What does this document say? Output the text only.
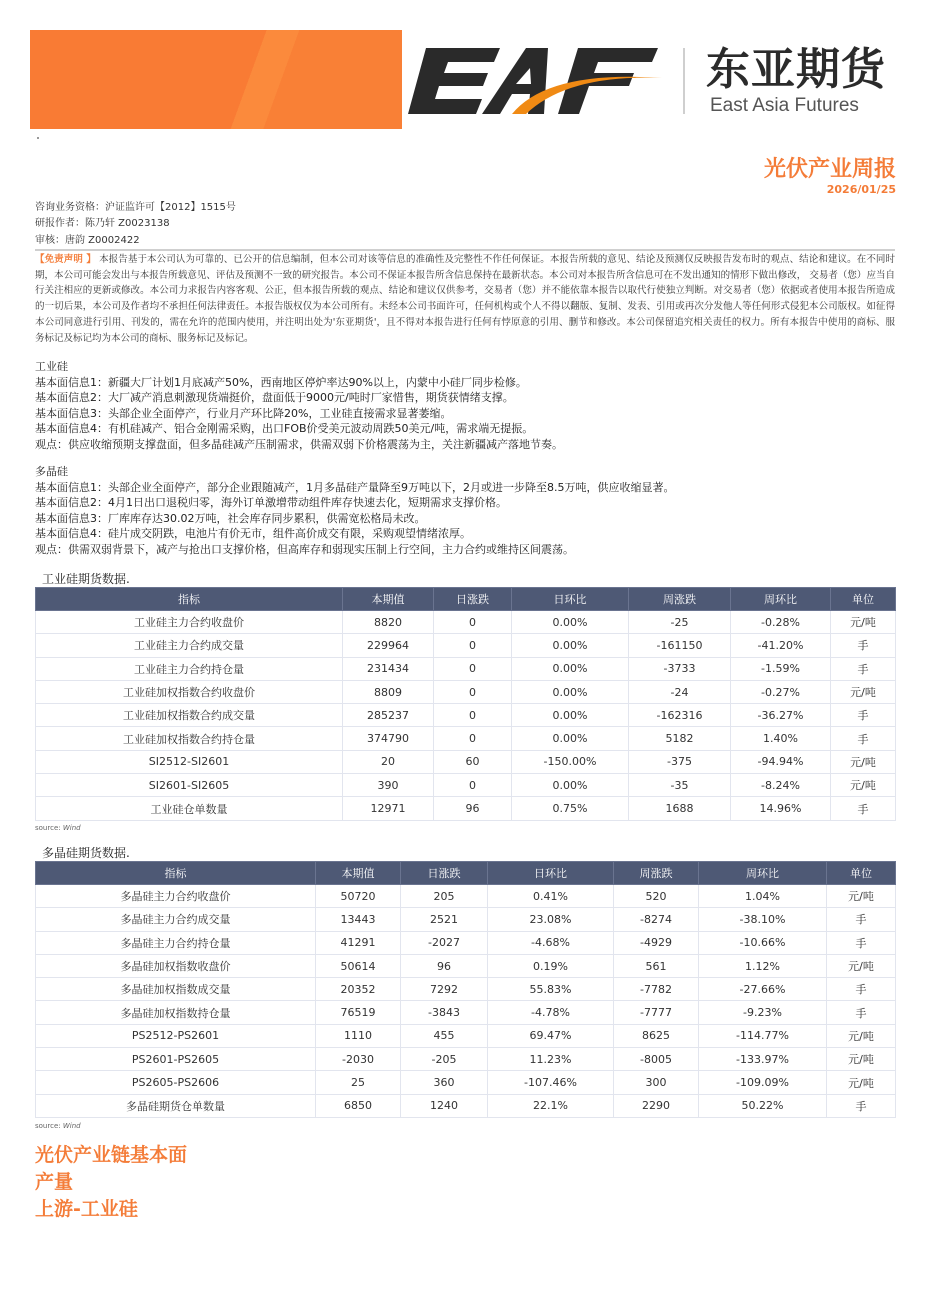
东亚期货
East Asia Futures
光伏产业周报
2026/01/25
咨询业务资格：沪证监许可【2012】1515号
研报作者：陈乃轩 Z0023138
审核：唐韵 Z0002422
【免责声明 】 本报告基于本公司认为可靠的、已公开的信息编制，但本公司对该等信息的准确性及完整性不作任何保证。本报告所载的意见、结论及预测仅反映报告发布时的观点、结论和建议。在不同时期，本公司可能会发出与本报告所载意见、评估及预测不一致的研究报告。本公司不保证本报告所含信息保持在最新状态。本公司对本报告所含信息可在不发出通知的情形下做出修改， 交易者（您）应当自行关注相应的更新或修改。本公司力求报告内容客观、公正，但本报告所载的观点、结论和建议仅供参考，交易者（您）并不能依靠本报告以取代行使独立判断。对交易者（您）依据或者使用本报告所造成的一切后果，本公司及作者均不承担任何法律责任。本报告版权仅为本公司所有。未经本公司书面许可，任何机构或个人不得以翻版、复制、发表、引用或再次分发他人等任何形式侵犯本公司版权。如征得本公司同意进行引用、刊发的，需在允许的范围内使用，并注明出处为'东亚期货'，且不得对本报告进行任何有悖原意的引用、删节和修改。本公司保留追究相关责任的权力。所有本报告中使用的商标、服务标记及标记均为本公司的商标、服务标记及标记。
工业硅
基本面信息1：新疆大厂计划1月底减产50%，西南地区停炉率达90%以上，内蒙中小硅厂同步检修。
基本面信息2：大厂减产消息刺激现货端挺价，盘面低于9000元/吨时厂家惜售，期货获情绪支撑。
基本面信息3：头部企业全面停产，行业月产环比降20%，工业硅直接需求显著萎缩。
基本面信息4：有机硅减产、铝合金刚需采购，出口FOB价受美元波动周跌50美元/吨，需求端无提振。
观点：供应收缩预期支撑盘面，但多晶硅减产压制需求，供需双弱下价格震荡为主，关注新疆减产落地节奏。
多晶硅
基本面信息1：头部企业全面停产，部分企业跟随减产，1月多晶硅产量降至9万吨以下，2月或进一步降至8.5万吨，供应收缩显著。
基本面信息2：4月1日出口退税归零，海外订单激增带动组件库存快速去化，短期需求支撑价格。
基本面信息3：厂库库存达30.02万吨，社会库存同步累积，供需宽松格局未改。
基本面信息4：硅片成交阴跌，电池片有价无市，组件高价成交有限，采购观望情绪浓厚。
观点：供需双弱背景下，减产与抢出口支撑价格，但高库存和弱现实压制上行空间，主力合约或维持区间震荡。
工业硅期货数据.
指标	本期值	日涨跌	日环比	周涨跌	周环比	单位
工业硅主力合约收盘价	8820	0	0.00%	-25	-0.28%	元/吨
工业硅主力合约成交量	229964	0	0.00%	-161150	-41.20%	手
工业硅主力合约持仓量	231434	0	0.00%	-3733	-1.59%	手
工业硅加权指数合约收盘价	8809	0	0.00%	-24	-0.27%	元/吨
工业硅加权指数合约成交量	285237	0	0.00%	-162316	-36.27%	手
工业硅加权指数合约持仓量	374790	0	0.00%	5182	1.40%	手
SI2512-SI2601	20	60	-150.00%	-375	-94.94%	元/吨
SI2601-SI2605	390	0	0.00%	-35	-8.24%	元/吨
工业硅仓单数量	12971	96	0.75%	1688	14.96%	手
source: Wind
多晶硅期货数据.
指标	本期值	日涨跌	日环比	周涨跌	周环比	单位
多晶硅主力合约收盘价	50720	205	0.41%	520	1.04%	元/吨
多晶硅主力合约成交量	13443	2521	23.08%	-8274	-38.10%	手
多晶硅主力合约持仓量	41291	-2027	-4.68%	-4929	-10.66%	手
多晶硅加权指数收盘价	50614	96	0.19%	561	1.12%	元/吨
多晶硅加权指数成交量	20352	7292	55.83%	-7782	-27.66%	手
多晶硅加权指数持仓量	76519	-3843	-4.78%	-7777	-9.23%	手
PS2512-PS2601	1110	455	69.47%	8625	-114.77%	元/吨
PS2601-PS2605	-2030	-205	11.23%	-8005	-133.97%	元/吨
PS2605-PS2606	25	360	-107.46%	300	-109.09%	元/吨
多晶硅期货仓单数量	6850	1240	22.1%	2290	50.22%	手
source: Wind
光伏产业链基本面
产量
上游-工业硅
